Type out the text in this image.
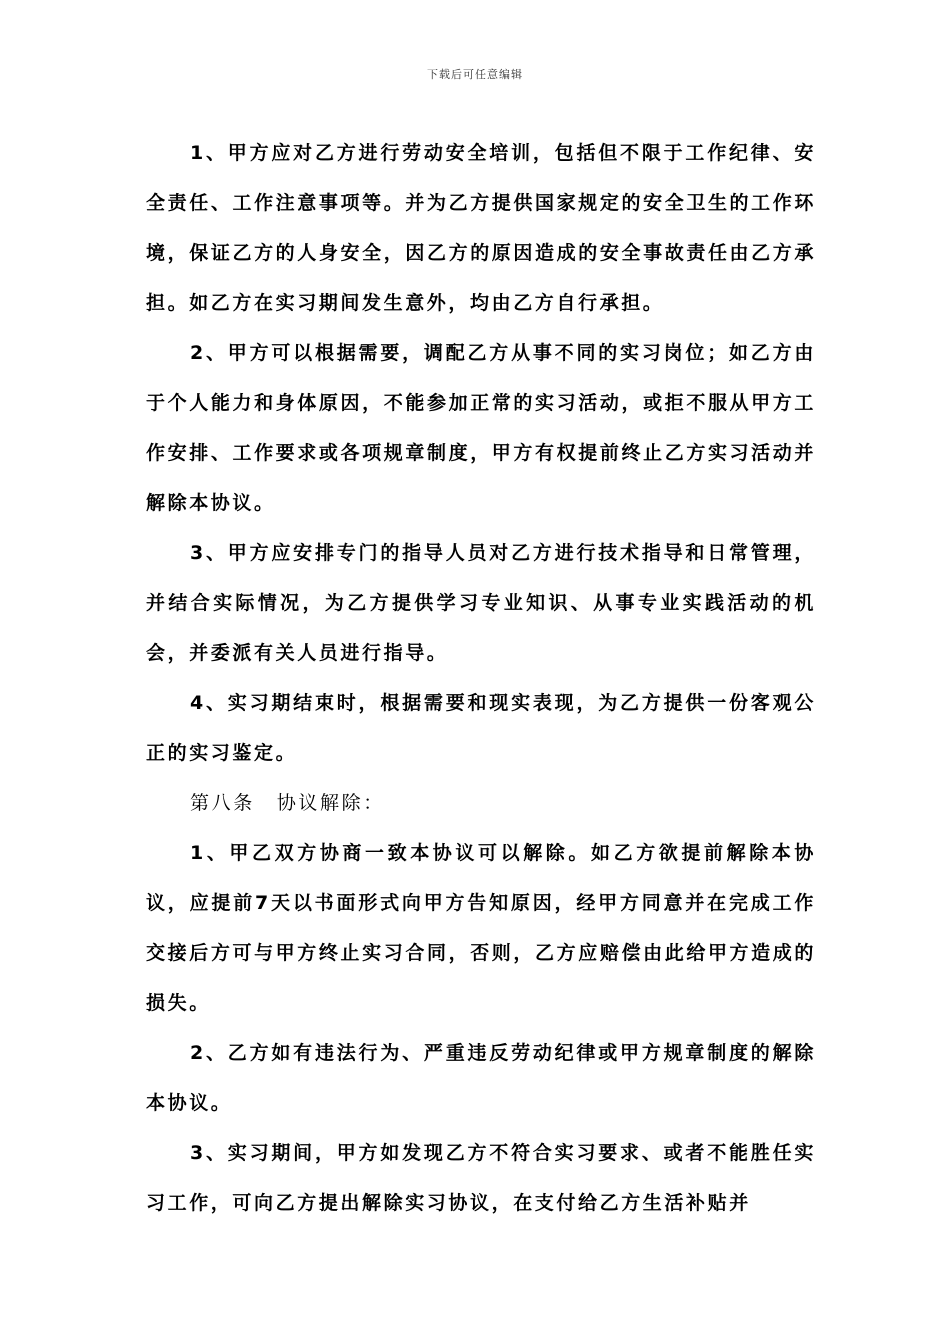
下载后可任意编辑

1、甲方应对乙方进行劳动安全培训，包括但不限于工作纪律、安全责任、工作注意事项等。并为乙方提供国家规定的安全卫生的工作环境，保证乙方的人身安全，因乙方的原因造成的安全事故责任由乙方承担。如乙方在实习期间发生意外，均由乙方自行承担。

2、甲方可以根据需要，调配乙方从事不同的实习岗位；如乙方由于个人能力和身体原因，不能参加正常的实习活动，或拒不服从甲方工作安排、工作要求或各项规章制度，甲方有权提前终止乙方实习活动并解除本协议。

3、甲方应安排专门的指导人员对乙方进行技术指导和日常管理，并结合实际情况，为乙方提供学习专业知识、从事专业实践活动的机会，并委派有关人员进行指导。

4、实习期结束时，根据需要和现实表现，为乙方提供一份客观公正的实习鉴定。

第八条 协议解除：

1、甲乙双方协商一致本协议可以解除。如乙方欲提前解除本协议，应提前7天以书面形式向甲方告知原因，经甲方同意并在完成工作交接后方可与甲方终止实习合同，否则，乙方应赔偿由此给甲方造成的损失。

2、乙方如有违法行为、严重违反劳动纪律或甲方规章制度的解除本协议。

3、实习期间，甲方如发现乙方不符合实习要求、或者不能胜任实习工作，可向乙方提出解除实习协议，在支付给乙方生活补贴并
